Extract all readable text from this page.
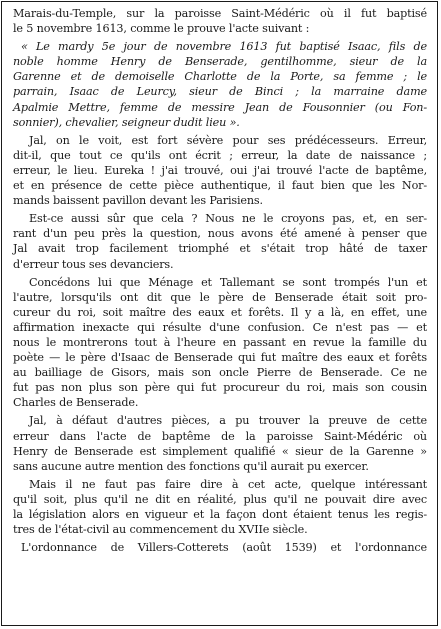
Marais-du-Temple, sur la paroisse Saint-Médéric où il fut baptisé
le 5 novembre 1613, comme le prouve l'acte suivant :
« Le mardy 5e jour de novembre 1613 fut baptisé Isaac, fils de
noble homme Henry de Benserade, gentilhomme, sieur de la
Garenne et de demoiselle Charlotte de la Porte, sa femme ; le
parrain, Isaac de Leurcy, sieur de Binci ; la marraine dame
Apalmie Mettre, femme de messire Jean de Fousonnier (ou Fon-
sonnier), chevalier, seigneur dudit lieu ».
Jal, on le voit, est fort sévère pour ses prédécesseurs. Erreur,
dit-il, que tout ce qu'ils ont écrit ; erreur, la date de naissance ;
erreur, le lieu. Eureka ! j'ai trouvé, oui j'ai trouvé l'acte de baptême,
et en présence de cette pièce authentique, il faut bien que les Nor-
mands baissent pavillon devant les Parisiens.
Est-ce aussi sûr que cela ? Nous ne le croyons pas, et, en ser-
rant d'un peu près la question, nous avons été amené à penser que
Jal avait trop facilement triomphé et s'était trop hâté de taxer
d'erreur tous ses devanciers.
Concédons lui que Ménage et Tallemant se sont trompés l'un et
l'autre, lorsqu'ils ont dit que le père de Benserade était soit pro-
cureur du roi, soit maître des eaux et forêts. Il y a là, en effet, une
affirmation inexacte qui résulte d'une confusion. Ce n'est pas — et
nous le montrerons tout à l'heure en passant en revue la famille du
poète — le père d'Isaac de Benserade qui fut maître des eaux et forêts
au bailliage de Gisors, mais son oncle Pierre de Benserade. Ce ne
fut pas non plus son père qui fut procureur du roi, mais son cousin
Charles de Benserade.
Jal, à défaut d'autres pièces, a pu trouver la preuve de cette
erreur dans l'acte de baptême de la paroisse Saint-Médéric où
Henry de Benserade est simplement qualifié « sieur de la Garenne »
sans aucune autre mention des fonctions qu'il aurait pu exercer.
Mais il ne faut pas faire dire à cet acte, quelque intéressant
qu'il soit, plus qu'il ne dit en réalité, plus qu'il ne pouvait dire avec
la législation alors en vigueur et la façon dont étaient tenus les regis-
tres de l'état-civil au commencement du XVIIe siècle.
L'ordonnance de Villers-Cotterets (août 1539) et l'ordonnance
